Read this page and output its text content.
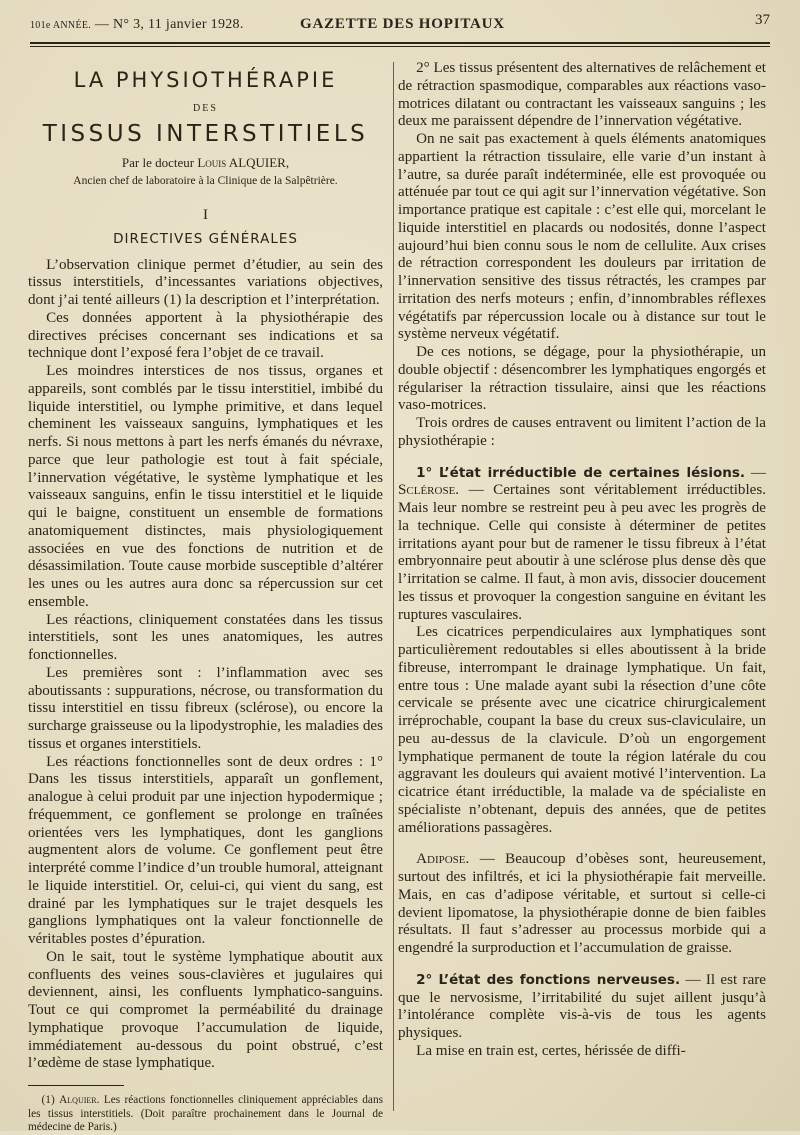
101e ANNÉE. — N° 3, 11 janvier 1928.	GAZETTE DES HOPITAUX	37
LA PHYSIOTHÉRAPIE
DES
TISSUS INTERSTITIELS
Par le docteur Louis ALQUIER,
Ancien chef de laboratoire à la Clinique de la Salpêtrière.
I
DIRECTIVES GÉNÉRALES

L’observation clinique permet d’étudier, au sein des tissus interstitiels, d’incessantes variations objectives, dont j’ai tenté ailleurs (1) la description et l’interprétation.

Ces données apportent à la physiothérapie des directives précises concernant ses indications et sa technique dont l’exposé fera l’objet de ce travail.

Les moindres interstices de nos tissus, organes et appareils, sont comblés par le tissu interstitiel, imbibé du liquide interstitiel, ou lymphe primitive, et dans lequel cheminent les vaisseaux sanguins, lymphatiques et les nerfs. Si nous mettons à part les nerfs émanés du névraxe, parce que leur pathologie est tout à fait spéciale, l’innervation végétative, le système lymphatique et les vaisseaux sanguins, enfin le tissu interstitiel et le liquide qui le baigne, constituent un ensemble de formations anatomiquement distinctes, mais physiologiquement associées en vue des fonctions de nutrition et de désassimilation. Toute cause morbide susceptible d’altérer les unes ou les autres aura donc sa répercussion sur cet ensemble.

Les réactions, cliniquement constatées dans les tissus interstitiels, sont les unes anatomiques, les autres fonctionnelles.

Les premières sont : l’inflammation avec ses aboutissants : suppurations, nécrose, ou transformation du tissu interstitiel en tissu fibreux (sclérose), ou encore la surcharge graisseuse ou la lipodystrophie, les maladies des tissus et organes interstitiels.

Les réactions fonctionnelles sont de deux ordres : 1° Dans les tissus interstitiels, apparaît un gonflement, analogue à celui produit par une injection hypodermique ; fréquemment, ce gonflement se prolonge en traînées orientées vers les lymphatiques, dont les ganglions augmentent alors de volume. Ce gonflement peut être interprété comme l’indice d’un trouble humoral, atteignant le liquide interstitiel. Or, celui-ci, qui vient du sang, est drainé par les lymphatiques sur le trajet desquels les ganglions lymphatiques ont la valeur fonctionnelle de véritables postes d’épuration.

On le sait, tout le système lymphatique aboutit aux confluents des veines sous-clavières et jugulaires qui deviennent, ainsi, les confluents lymphatico-sanguins. Tout ce qui compromet la perméabilité du drainage lymphatique provoque l’accumulation de liquide, immédiatement au-dessous du point obstrué, c’est l’œdème de stase lymphatique.

(1) Alquier. Les réactions fonctionnelles cliniquement appréciables dans les tissus interstitiels. (Doit paraître prochainement dans le Journal de médecine de Paris.)

2° Les tissus présentent des alternatives de relâchement et de rétraction spasmodique, comparables aux réactions vaso-motrices dilatant ou contractant les vaisseaux sanguins ; les deux me paraissent dépendre de l’innervation végétative.

On ne sait pas exactement à quels éléments anatomiques appartient la rétraction tissulaire, elle varie d’un instant à l’autre, sa durée paraît indéterminée, elle est provoquée ou atténuée par tout ce qui agit sur l’innervation végétative. Son importance pratique est capitale : c’est elle qui, morcelant le liquide interstitiel en placards ou nodosités, donne l’aspect aujourd’hui bien connu sous le nom de cellulite. Aux crises de rétraction correspondent les douleurs par irritation de l’innervation sensitive des tissus rétractés, les crampes par irritation des nerfs moteurs ; enfin, d’innombrables réflexes végétatifs par répercussion locale ou à distance sur tout le système nerveux végétatif.

De ces notions, se dégage, pour la physiothérapie, un double objectif : désencombrer les lymphatiques engorgés et régulariser la rétraction tissulaire, ainsi que les réactions vaso-motrices.

Trois ordres de causes entravent ou limitent l’action de la physiothérapie :

1° L’état irréductible de certaines lésions. — Sclérose. — Certaines sont véritablement irréductibles. Mais leur nombre se restreint peu à peu avec les progrès de la technique. Celle qui consiste à déterminer de petites irritations ayant pour but de ramener le tissu fibreux à l’état embryonnaire peut aboutir à une sclérose plus dense dès que l’irritation se calme. Il faut, à mon avis, dissocier doucement les tissus et provoquer la congestion sanguine en évitant les ruptures vasculaires.

Les cicatrices perpendiculaires aux lymphatiques sont particulièrement redoutables si elles aboutissent à la bride fibreuse, interrompant le drainage lymphatique. Un fait, entre tous : Une malade ayant subi la résection d’une côte cervicale se présente avec une cicatrice chirurgicalement irréprochable, coupant la base du creux sus-claviculaire, un peu au-dessus de la clavicule. D’où un engorgement lymphatique permanent de toute la région latérale du cou aggravant les douleurs qui avaient motivé l’intervention. La cicatrice étant irréductible, la malade va de spécialiste en spécialiste n’obtenant, depuis des années, que de petites améliorations passagères.

Adipose. — Beaucoup d’obèses sont, heureusement, surtout des infiltrés, et ici la physiothérapie fait merveille. Mais, en cas d’adipose véritable, et surtout si celle-ci devient lipomatose, la physiothérapie donne de bien faibles résultats. Il faut s’adresser au processus morbide qui a engendré la surproduction et l’accumulation de graisse.

2° L’état des fonctions nerveuses. — Il est rare que le nervosisme, l’irritabilité du sujet aillent jusqu’à l’intolérance complète vis-à-vis de tous les agents physiques.

La mise en train est, certes, hérissée de diffi-
